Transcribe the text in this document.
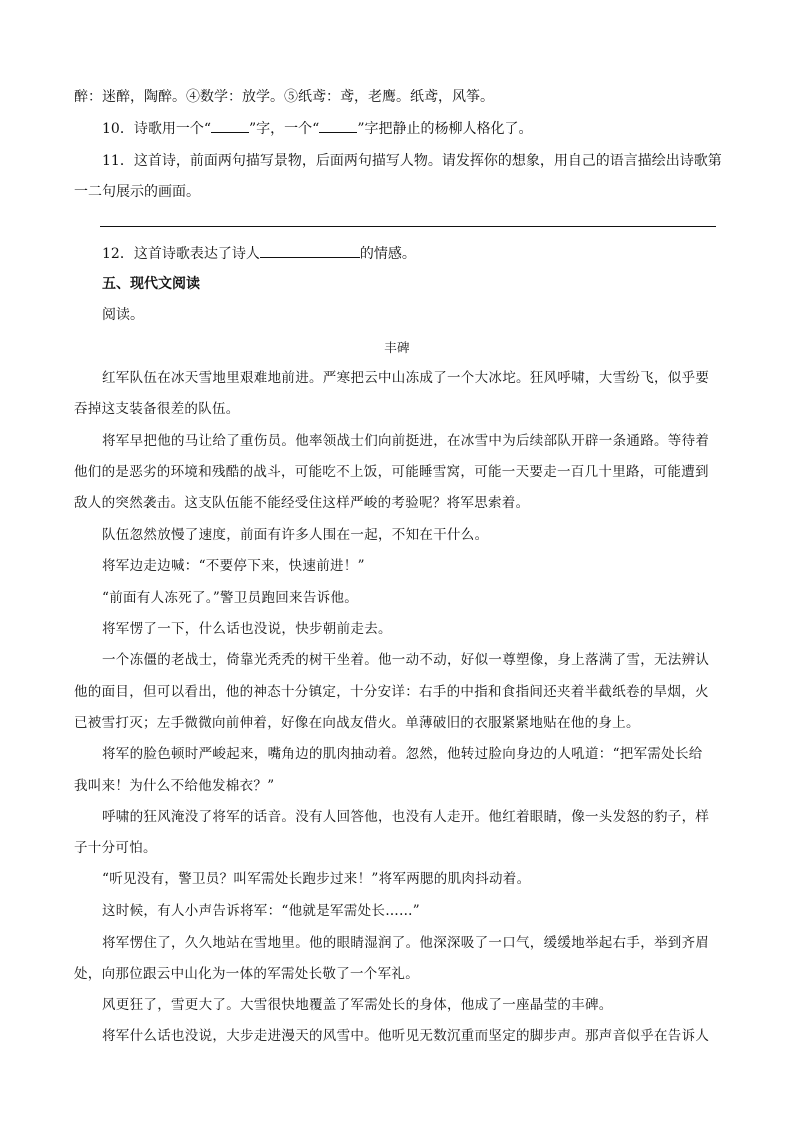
醉：迷醉，陶醉。④数学：放学。⑤纸鸢：鸢，老鹰。纸鸢，风筝。
10．诗歌用一个“	”字，一个“	”字把静止的杨柳人格化了。
11．这首诗，前面两句描写景物，后面两句描写人物。请发挥你的想象，用自己的语言描绘出诗歌第
一二句展示的画面。
12．这首诗歌表达了诗人	的情感。
五、现代文阅读
阅读。
丰碑
红军队伍在冰天雪地里艰难地前进。严寒把云中山冻成了一个大冰坨。狂风呼啸，大雪纷飞，似乎要
吞掉这支装备很差的队伍。
将军早把他的马让给了重伤员。他率领战士们向前挺进，在冰雪中为后续部队开辟一条通路。等待着
他们的是恶劣的环境和残酷的战斗，可能吃不上饭，可能睡雪窝，可能一天要走一百几十里路，可能遭到
敌人的突然袭击。这支队伍能不能经受住这样严峻的考验呢？将军思索着。
队伍忽然放慢了速度，前面有许多人围在一起，不知在干什么。
将军边走边喊：“不要停下来，快速前进！”
“前面有人冻死了。”警卫员跑回来告诉他。
将军愣了一下，什么话也没说，快步朝前走去。
一个冻僵的老战士，倚靠光秃秃的树干坐着。他一动不动，好似一尊塑像，身上落满了雪，无法辨认
他的面目，但可以看出，他的神态十分镇定，十分安详：右手的中指和食指间还夹着半截纸卷的旱烟，火
已被雪打灭；左手微微向前伸着，好像在向战友借火。单薄破旧的衣服紧紧地贴在他的身上。
将军的脸色顿时严峻起来，嘴角边的肌肉抽动着。忽然，他转过脸向身边的人吼道：“把军需处长给
我叫来！为什么不给他发棉衣？”
呼啸的狂风淹没了将军的话音。没有人回答他，也没有人走开。他红着眼睛，像一头发怒的豹子，样
子十分可怕。
“听见没有，警卫员？叫军需处长跑步过来！”将军两腮的肌肉抖动着。
这时候，有人小声告诉将军：“他就是军需处长……”
将军愣住了，久久地站在雪地里。他的眼睛湿润了。他深深吸了一口气，缓缓地举起右手，举到齐眉
处，向那位跟云中山化为一体的军需处长敬了一个军礼。
风更狂了，雪更大了。大雪很快地覆盖了军需处长的身体，他成了一座晶莹的丰碑。
将军什么话也没说，大步走进漫天的风雪中。他听见无数沉重而坚定的脚步声。那声音似乎在告诉人
